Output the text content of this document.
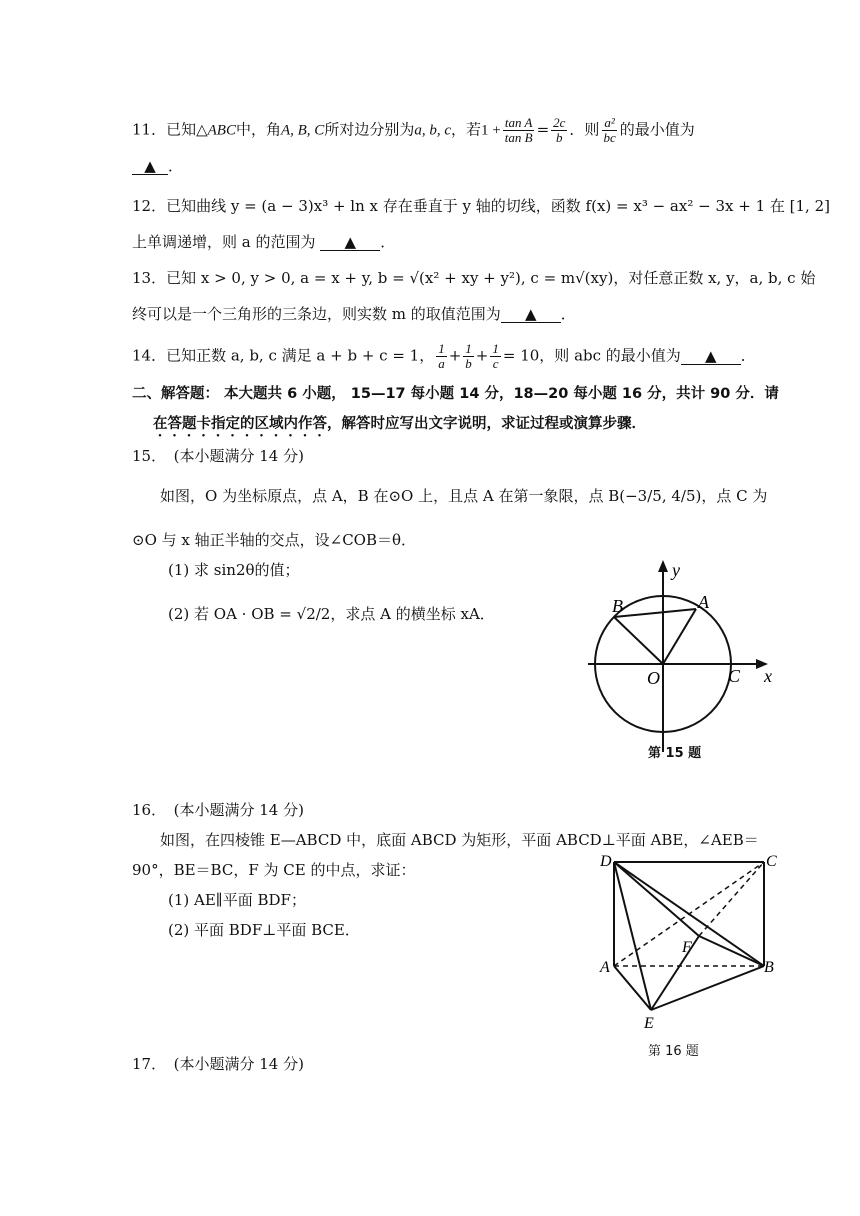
11．已知△ABC中，角A, B, C所对边分别为a, b, c，若$1 + \frac{\text{tan A}}{\text{tan B}} = \frac{2c}{b}$ ．则 $\frac{\text{a²}}{bc}$ 的最小值为
▲ ．
12．已知曲线 y = (a − 3)x³ + ln x 存在垂直于 y 轴的切线，函数 f(x) = x³ − ax² − 3x + 1 在 [1, 2]
上单调递增，则 a 的范围为 ▲ ．
13．已知 x > 0, y > 0, a = x + y, b = √(x² + xy + y²), c = m√(xy)，对任意正数 x, y，a, b, c 始
终可以是一个三角形的三条边，则实数 m 的取值范围为 ▲ ．
14．已知正数 a, b, c 满足 a + b + c = 1， $\frac{1}{a} + \frac{1}{b} + \frac{1}{c} = 10$，则 abc 的最小值为 ▲ ．
二、解答题： 本大题共 6 小题， 15—17 每小题 14 分，18—20 每小题 16 分，共计 90 分．请
在答题卡指定的区域内作答，解答时应写出文字说明，求证过程或演算步骤．
15．　(本小题满分 14 分)
如图，O 为坐标原点，点 A，B 在⊙O 上，且点 A 在第一象限，点 B(−3/5, 4/5)，点 C 为
⊙O 与 x 轴正半轴的交点，设∠COB＝θ．
(1) 求 sin2θ的值；
(2) 若 OA · OB = √2/2，求点 A 的横坐标 xA．
y
x
O
A
B
C
第 15 题
16．　(本小题满分 14 分)
如图，在四棱锥 E—ABCD 中，底面 ABCD 为矩形，平面 ABCD⊥平面 ABE，∠AEB＝
90°，BE＝BC，F 为 CE 的中点，求证：
(1) AE∥平面 BDF；
(2) 平面 BDF⊥平面 BCE．
D	C
F
A	B
E
第 16 题
17．　(本小题满分 14 分)
